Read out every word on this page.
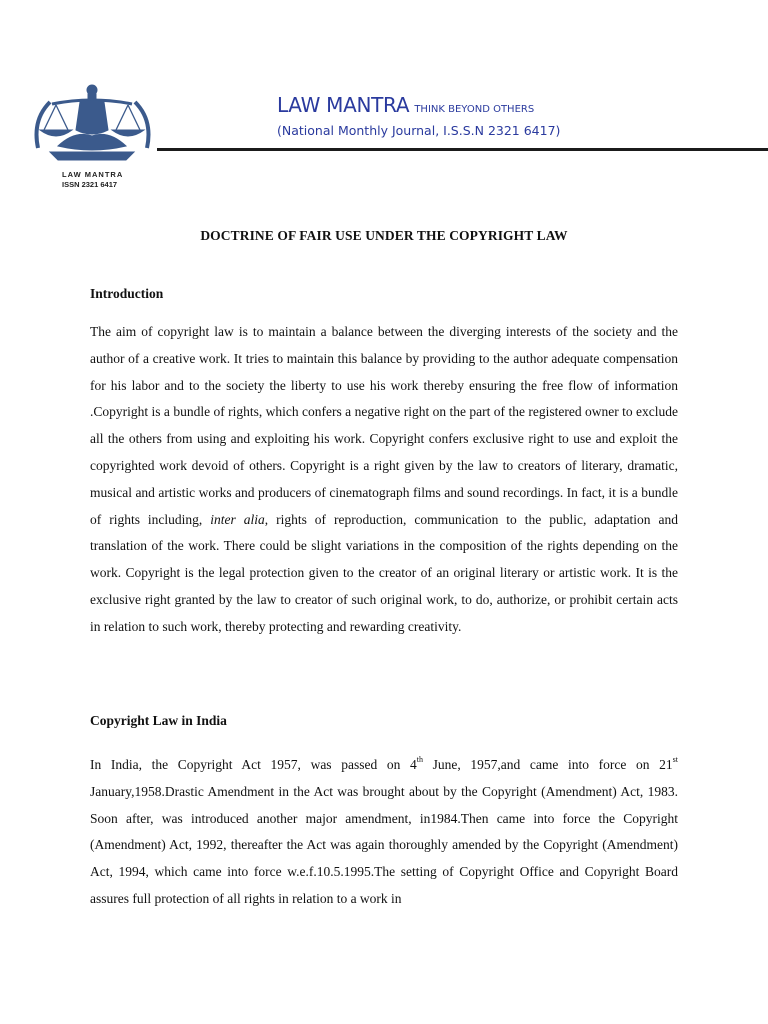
LAW MANTRA
ISSN 2321 6417
LAW MANTRA THINK BEYOND OTHERS
(National Monthly Journal, I.S.S.N 2321 6417)
DOCTRINE OF FAIR USE UNDER THE COPYRIGHT LAW
Introduction
The aim of copyright law is to maintain a balance between the diverging interests of the society and the author of a creative work. It tries to maintain this balance by providing to the author adequate compensation for his labor and to the society the liberty to use his work thereby ensuring the free flow of information .Copyright is a bundle of rights, which confers a negative right on the part of the registered owner to exclude all the others from using and exploiting his work. Copyright confers exclusive right to use and exploit the copyrighted work devoid of others. Copyright is a right given by the law to creators of literary, dramatic, musical and artistic works and producers of cinematograph films and sound recordings. In fact, it is a bundle of rights including, inter alia, rights of reproduction, communication to the public, adaptation and translation of the work. There could be slight variations in the composition of the rights depending on the work. Copyright is the legal protection given to the creator of an original literary or artistic work. It is the exclusive right granted by the law to creator of such original work, to do, authorize, or prohibit certain acts in relation to such work, thereby protecting and rewarding creativity.
Copyright Law in India
In India, the Copyright Act 1957, was passed on 4th June, 1957,and came into force on 21st January,1958.Drastic Amendment in the Act was brought about by the Copyright (Amendment) Act, 1983. Soon after, was introduced another major amendment, in1984.Then came into force the Copyright (Amendment) Act, 1992, thereafter the Act was again thoroughly amended by the Copyright (Amendment) Act, 1994, which came into force w.e.f.10.5.1995.The setting of Copyright Office and Copyright Board assures full protection of all rights in relation to a work in
